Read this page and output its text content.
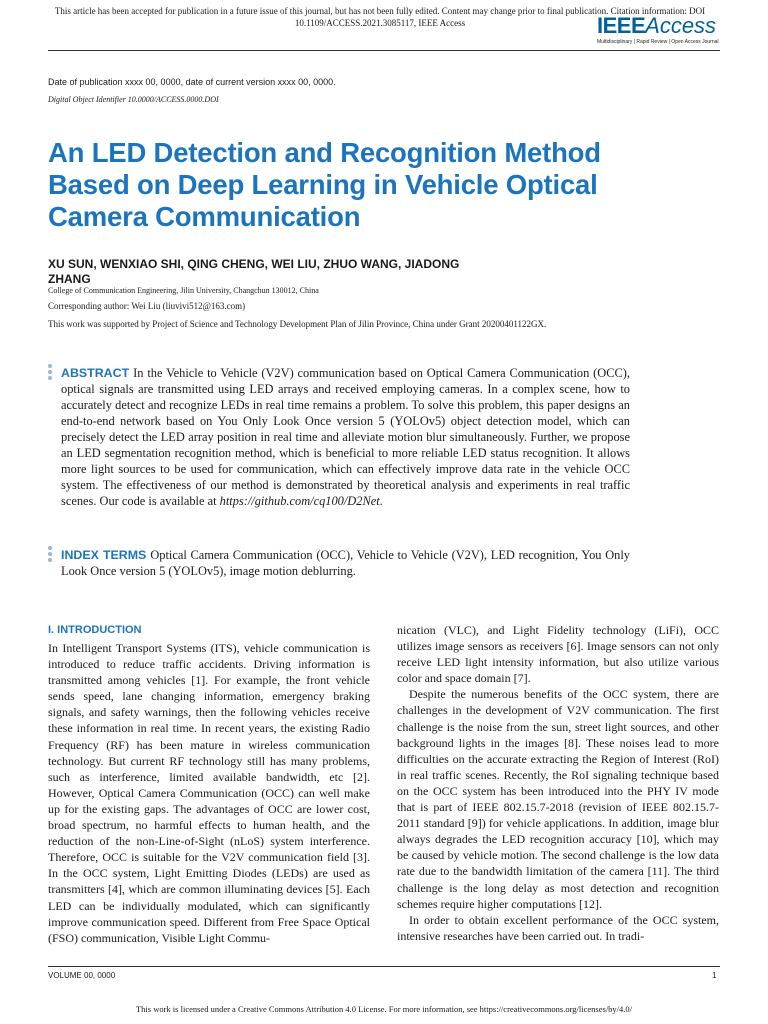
This article has been accepted for publication in a future issue of this journal, but has not been fully edited. Content may change prior to final publication. Citation information: DOI 10.1109/ACCESS.2021.3085117, IEEE Access	IEEEAccess
Multidisciplinary | Rapid Review | Open Access Journal
Date of publication xxxx 00, 0000, date of current version xxxx 00, 0000.
Digital Object Identifier 10.0000/ACCESS.0000.DOI
An LED Detection and Recognition Method Based on Deep Learning in Vehicle Optical Camera Communication
XU SUN, WENXIAO SHI, QING CHENG, WEI LIU, ZHUO WANG, JIADONG ZHANG
College of Communication Engineering, Jilin University, Changchun 130012, China
Corresponding author: Wei Liu (liuvivi512@163.com)
This work was supported by Project of Science and Technology Development Plan of Jilin Province, China under Grant 20200401122GX.
ABSTRACT In the Vehicle to Vehicle (V2V) communication based on Optical Camera Communication (OCC), optical signals are transmitted using LED arrays and received employing cameras. In a complex scene, how to accurately detect and recognize LEDs in real time remains a problem. To solve this problem, this paper designs an end-to-end network based on You Only Look Once version 5 (YOLOv5) object detection model, which can precisely detect the LED array position in real time and alleviate motion blur simultaneously. Further, we propose an LED segmentation recognition method, which is beneficial to more reliable LED status recognition. It allows more light sources to be used for communication, which can effectively improve data rate in the vehicle OCC system. The effectiveness of our method is demonstrated by theoretical analysis and experiments in real traffic scenes. Our code is available at https://github.com/cq100/D2Net.
INDEX TERMS Optical Camera Communication (OCC), Vehicle to Vehicle (V2V), LED recognition, You Only Look Once version 5 (YOLOv5), image motion deblurring.
I. INTRODUCTION

In Intelligent Transport Systems (ITS), vehicle communication is introduced to reduce traffic accidents. Driving information is transmitted among vehicles [1]. For example, the front vehicle sends speed, lane changing information, emergency braking signals, and safety warnings, then the following vehicles receive these information in real time. In recent years, the existing Radio Frequency (RF) has been mature in wireless communication technology. But current RF technology still has many problems, such as interference, limited available bandwidth, etc [2]. However, Optical Camera Communication (OCC) can well make up for the existing gaps. The advantages of OCC are lower cost, broad spectrum, no harmful effects to human health, and the reduction of the non-Line-of-Sight (nLoS) system interference. Therefore, OCC is suitable for the V2V communication field [3]. In the OCC system, Light Emitting Diodes (LEDs) are used as transmitters [4], which are common illuminating devices [5]. Each LED can be individually modulated, which can significantly improve communication speed. Different from Free Space Optical (FSO) communication, Visible Light Commu-

nication (VLC), and Light Fidelity technology (LiFi), OCC utilizes image sensors as receivers [6]. Image sensors can not only receive LED light intensity information, but also utilize various color and space domain [7].

Despite the numerous benefits of the OCC system, there are challenges in the development of V2V communication. The first challenge is the noise from the sun, street light sources, and other background lights in the images [8]. These noises lead to more difficulties on the accurate extracting the Region of Interest (RoI) in real traffic scenes. Recently, the RoI signaling technique based on the OCC system has been introduced into the PHY IV mode that is part of IEEE 802.15.7-2018 (revision of IEEE 802.15.7-2011 standard [9]) for vehicle applications. In addition, image blur always degrades the LED recognition accuracy [10], which may be caused by vehicle motion. The second challenge is the low data rate due to the bandwidth limitation of the camera [11]. The third challenge is the long delay as most detection and recognition schemes require higher computations [12].

In order to obtain excellent performance of the OCC system, intensive researches have been carried out. In tradi-

VOLUME 00, 0000	1
This work is licensed under a Creative Commons Attribution 4.0 License. For more information, see https://creativecommons.org/licenses/by/4.0/
